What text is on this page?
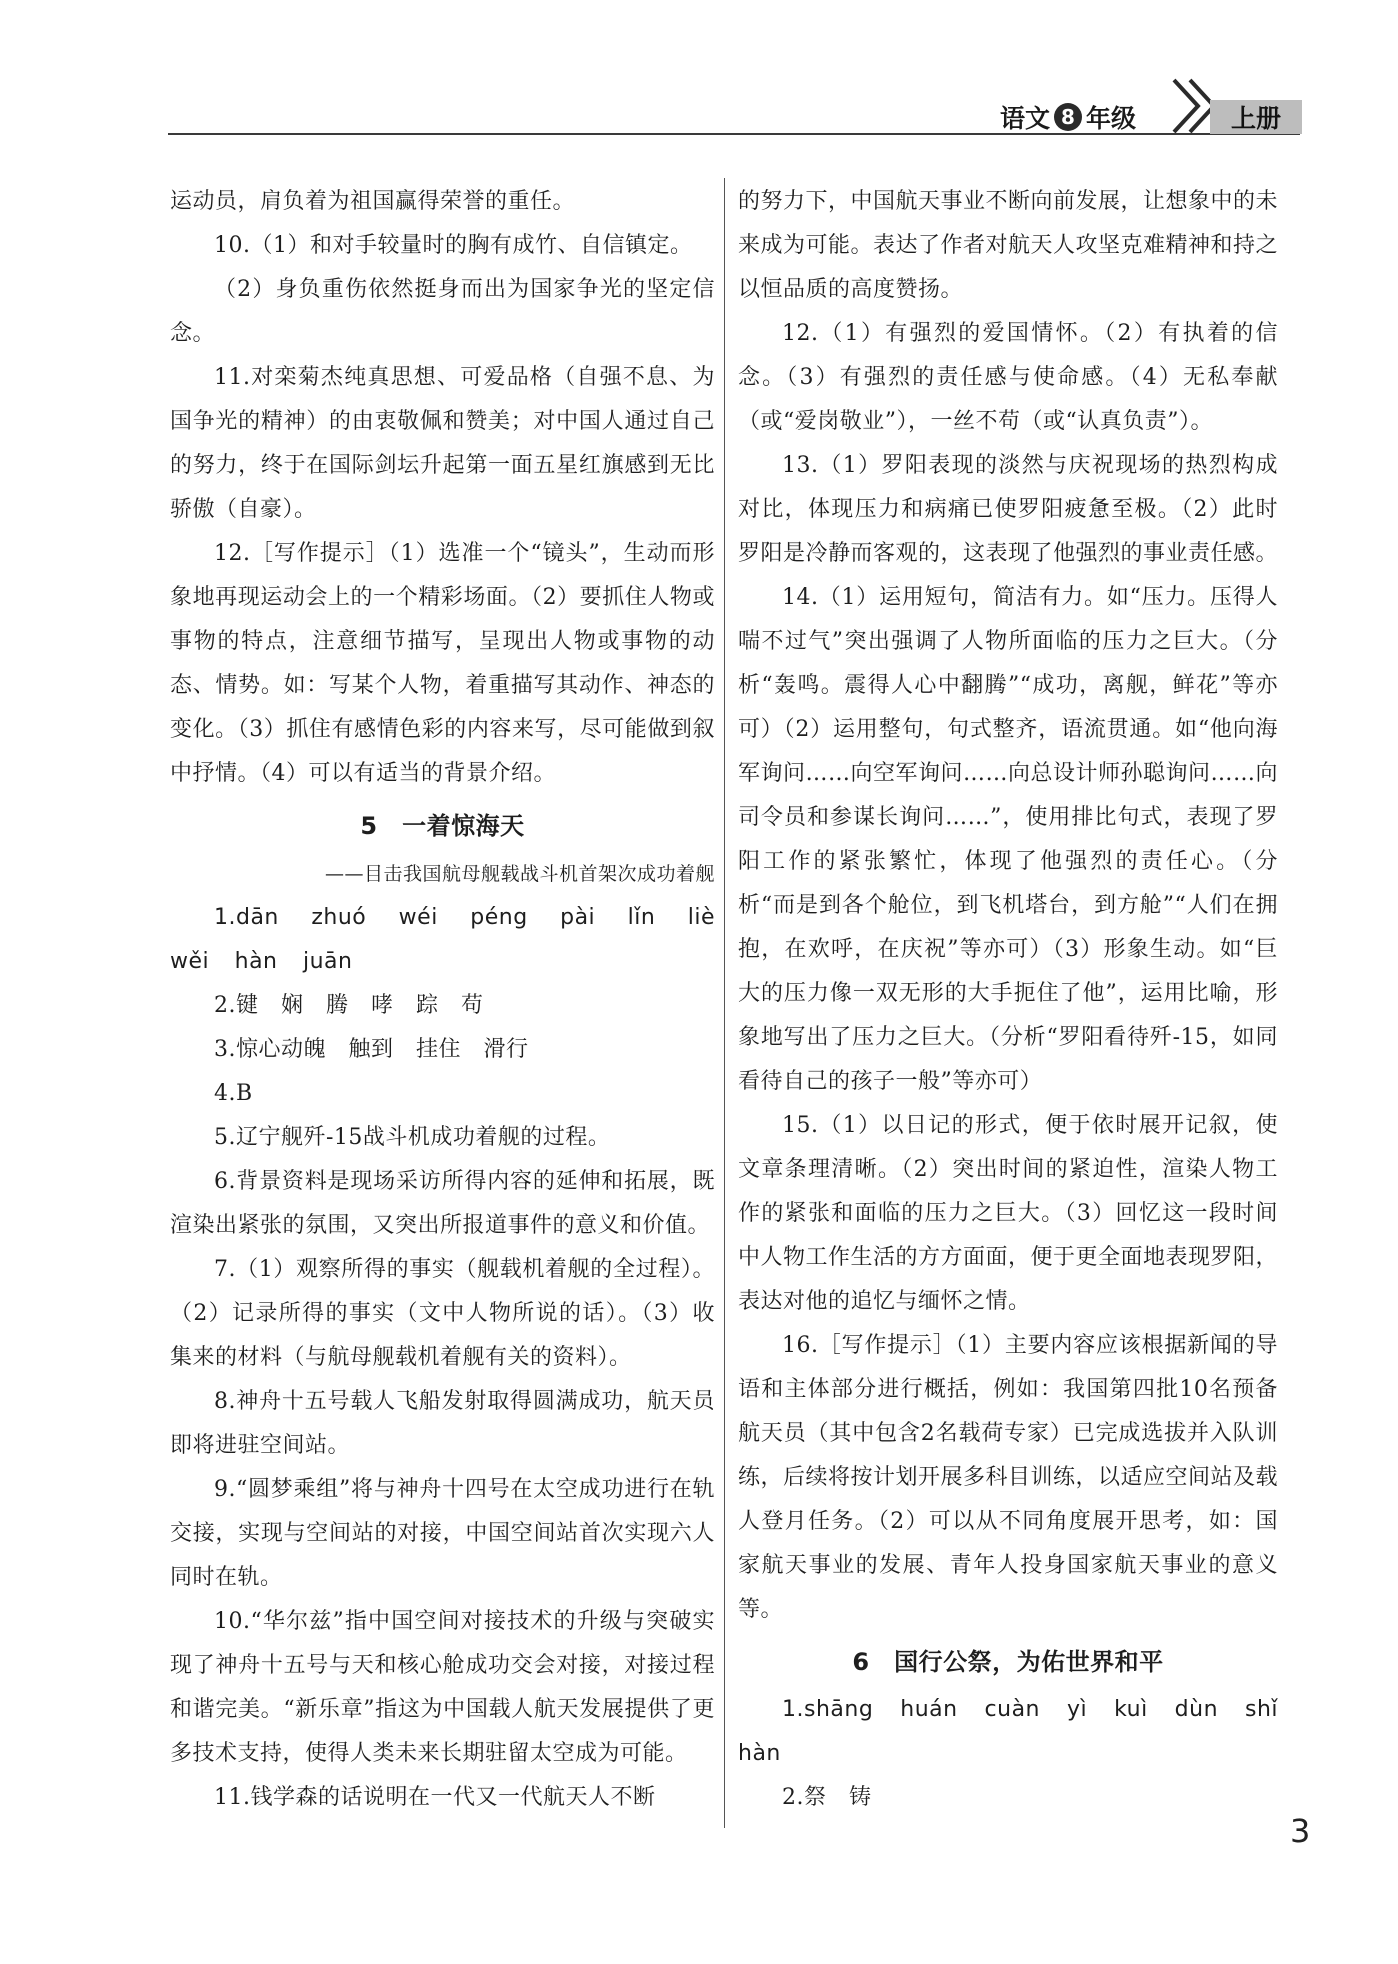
语文 8 年级	上册

运动员，肩负着为祖国赢得荣誉的重任。

10.（1）和对手较量时的胸有成竹、自信镇定。

（2）身负重伤依然挺身而出为国家争光的坚定信念。

11.对栾菊杰纯真思想、可爱品格（自强不息、为国争光的精神）的由衷敬佩和赞美；对中国人通过自己的努力，终于在国际剑坛升起第一面五星红旗感到无比骄傲（自豪）。

12.［写作提示］（1）选准一个“镜头”，生动而形象地再现运动会上的一个精彩场面。（2）要抓住人物或事物的特点，注意细节描写，呈现出人物或事物的动态、情势。如：写某个人物，着重描写其动作、神态的变化。（3）抓住有感情色彩的内容来写，尽可能做到叙中抒情。（4）可以有适当的背景介绍。

5　一着惊海天

——目击我国航母舰载战斗机首架次成功着舰

1.dān zhuó wéi péng pài lǐn liè wěi hàn juān

2.键　娴　腾　哮　踪　苟

3.惊心动魄　触到　挂住　滑行

4.B

5.辽宁舰歼-15战斗机成功着舰的过程。

6.背景资料是现场采访所得内容的延伸和拓展，既渲染出紧张的氛围，又突出所报道事件的意义和价值。

7.（1）观察所得的事实（舰载机着舰的全过程）。（2）记录所得的事实（文中人物所说的话）。（3）收集来的材料（与航母舰载机着舰有关的资料）。

8.神舟十五号载人飞船发射取得圆满成功，航天员即将进驻空间站。

9.“圆梦乘组”将与神舟十四号在太空成功进行在轨交接，实现与空间站的对接，中国空间站首次实现六人同时在轨。

10.“华尔兹”指中国空间对接技术的升级与突破实现了神舟十五号与天和核心舱成功交会对接，对接过程和谐完美。“新乐章”指这为中国载人航天发展提供了更多技术支持，使得人类未来长期驻留太空成为可能。

11.钱学森的话说明在一代又一代航天人不断

的努力下，中国航天事业不断向前发展，让想象中的未来成为可能。表达了作者对航天人攻坚克难精神和持之以恒品质的高度赞扬。

12.（1）有强烈的爱国情怀。（2）有执着的信念。（3）有强烈的责任感与使命感。（4）无私奉献（或“爱岗敬业”），一丝不苟（或“认真负责”）。

13.（1）罗阳表现的淡然与庆祝现场的热烈构成对比，体现压力和病痛已使罗阳疲惫至极。（2）此时罗阳是冷静而客观的，这表现了他强烈的事业责任感。

14.（1）运用短句，简洁有力。如“压力。压得人喘不过气”突出强调了人物所面临的压力之巨大。（分析“轰鸣。震得人心中翻腾”“成功，离舰，鲜花”等亦可）（2）运用整句，句式整齐，语流贯通。如“他向海军询问……向空军询问……向总设计师孙聪询问……向司令员和参谋长询问……”，使用排比句式，表现了罗阳工作的紧张繁忙，体现了他强烈的责任心。（分析“而是到各个舱位，到飞机塔台，到方舱”“人们在拥抱，在欢呼，在庆祝”等亦可）（3）形象生动。如“巨大的压力像一双无形的大手扼住了他”，运用比喻，形象地写出了压力之巨大。（分析“罗阳看待歼-15，如同看待自己的孩子一般”等亦可）

15.（1）以日记的形式，便于依时展开记叙，使文章条理清晰。（2）突出时间的紧迫性，渲染人物工作的紧张和面临的压力之巨大。（3）回忆这一段时间中人物工作生活的方方面面，便于更全面地表现罗阳，表达对他的追忆与缅怀之情。

16.［写作提示］（1）主要内容应该根据新闻的导语和主体部分进行概括，例如：我国第四批10名预备航天员（其中包含2名载荷专家）已完成选拔并入队训练，后续将按计划开展多科目训练，以适应空间站及载人登月任务。（2）可以从不同角度展开思考，如：国家航天事业的发展、青年人投身国家航天事业的意义等。

6　国行公祭，为佑世界和平

1.shāng huán cuàn yì kuì dùn shǐ hàn

2.祭　铸

3
